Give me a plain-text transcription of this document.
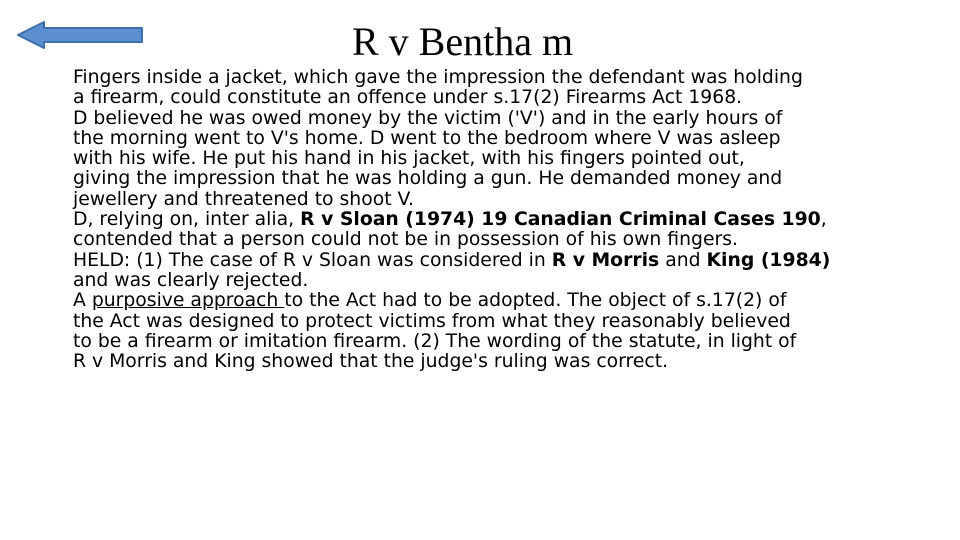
R v Bentha m

Fingers inside a jacket, which gave the impression the defendant was holding
a firearm, could constitute an offence under s.17(2) Firearms Act 1968.

D believed he was owed money by the victim ('V') and in the early hours of
the morning went to V's home. D went to the bedroom where V was asleep
with his wife. He put his hand in his jacket, with his fingers pointed out,
giving the impression that he was holding a gun. He demanded money and
jewellery and threatened to shoot V.

D, relying on, inter alia, R v Sloan (1974) 19 Canadian Criminal Cases 190,
contended that a person could not be in possession of his own fingers.

HELD: (1) The case of R v Sloan was considered in R v Morris and King (1984)
and was clearly rejected.

A purposive approach to the Act had to be adopted. The object of s.17(2) of
the Act was designed to protect victims from what they reasonably believed
to be a firearm or imitation firearm. (2) The wording of the statute, in light of
R v Morris and King showed that the judge's ruling was correct.
